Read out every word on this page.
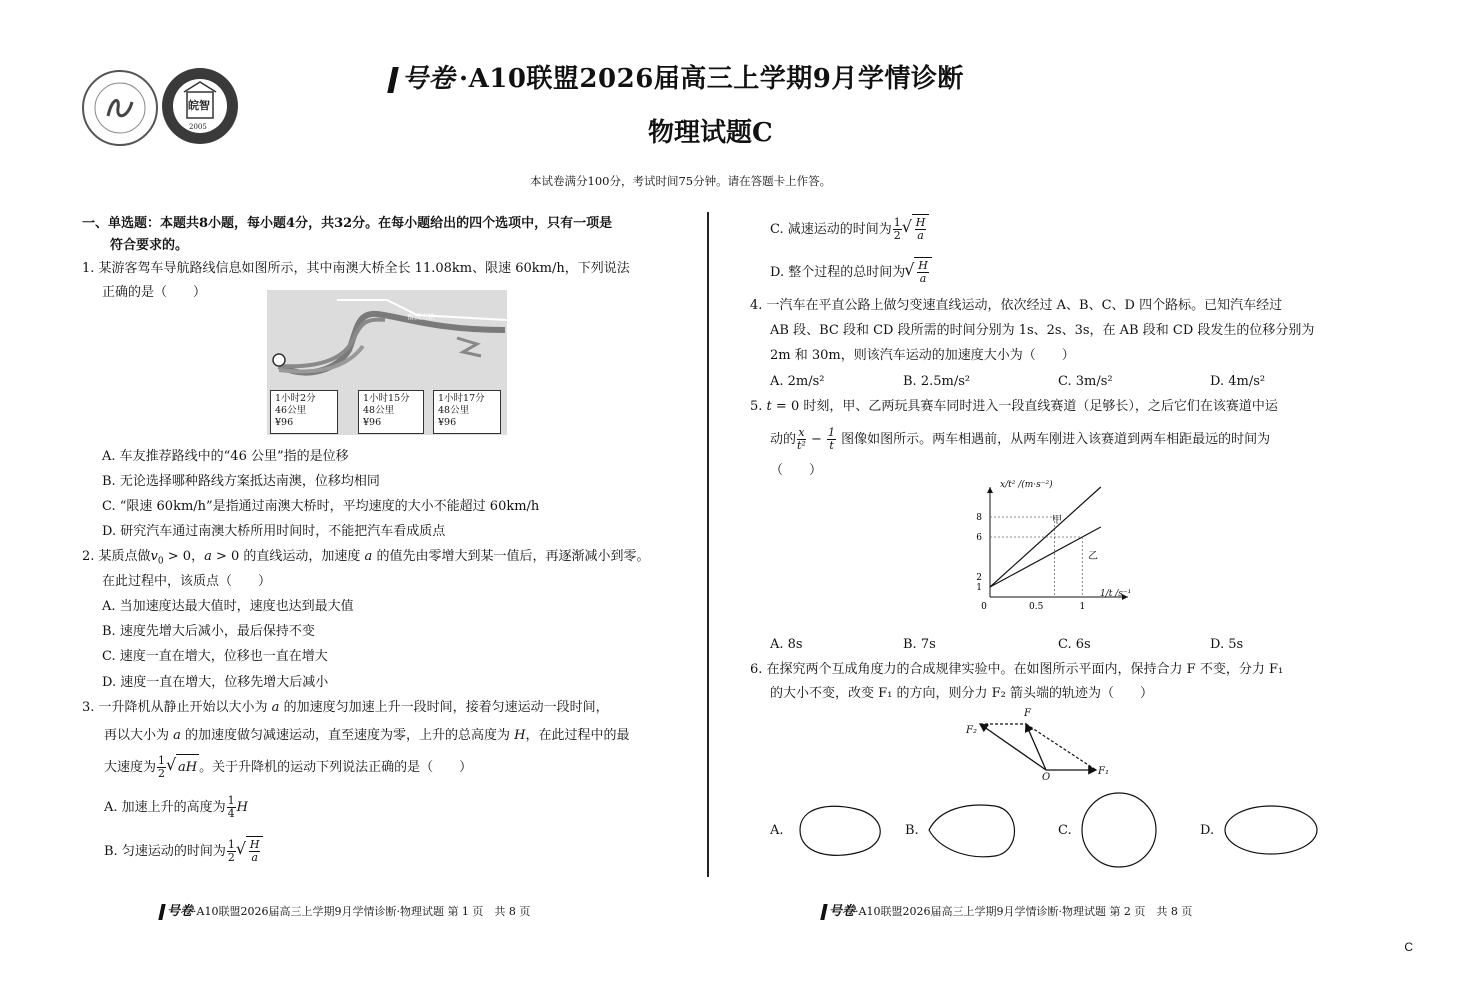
皖智
2005
号卷 ·A10联盟2026届高三上学期9月学情诊断
物理试题C
本试卷满分100分，考试时间75分钟。请在答题卡上作答。
一、单选题：本题共8小题，每小题4分，共32分。在每小题给出的四个选项中，只有一项是
符合要求的。
1. 某游客驾车导航路线信息如图所示，其中南澳大桥全长 11.08km、限速 60km/h，下列说法
正确的是（　　）
南澳大桥
1小时2分
46公里
¥96
1小时15分
48公里
¥96
1小时17分
48公里
¥96
A. 车友推荐路线中的“46 公里”指的是位移
B. 无论选择哪种路线方案抵达南澳，位移均相同
C. “限速 60km/h”是指通过南澳大桥时，平均速度的大小不能超过 60km/h
D. 研究汽车通过南澳大桥所用时间时，不能把汽车看成质点
2. 某质点做$v_0 > 0$，a > 0 的直线运动，加速度 a 的值先由零增大到某一值后，再逐渐减小到零。
在此过程中，该质点（　　）
A. 当加速度达最大值时，速度也达到最大值
B. 速度先增大后减小，最后保持不变
C. 速度一直在增大，位移也一直在增大
D. 速度一直在增大，位移先增大后减小
3. 一升降机从静止开始以大小为 a 的加速度匀加速上升一段时间，接着匀速运动一段时间，
再以大小为 a 的加速度做匀减速运动，直至速度为零，上升的总高度为 H，在此过程中的最
大速度为 $\frac{1}{2}$ √ aH 。关于升降机的运动下列说法正确的是（　　）
A. 加速上升的高度为 $\frac{1}{4}$ H
B. 匀速运动的时间为 $\frac{1}{2}$ √ $\frac{H}{a}$
C. 减速运动的时间为 $\frac{1}{2}$ √ $\frac{H}{a}$
D. 整个过程的总时间为 √ $\frac{H}{a}$
4. 一汽车在平直公路上做匀变速直线运动，依次经过 A、B、C、D 四个路标。已知汽车经过
AB 段、BC 段和 CD 段所需的时间分别为 1s、2s、3s，在 AB 段和 CD 段发生的位移分别为
2m 和 30m，则该汽车运动的加速度大小为（　　）
A. 2m/s²	B. 2.5m/s²	C. 3m/s²	D. 4m/s²
5. t = 0 时刻，甲、乙两玩具赛车同时进入一段直线赛道（足够长），之后它们在该赛道中运
动的 $\frac{x}{\text{t²}} - \frac{1}{t}$ 图像如图所示。两车相遇前，从两车刚进入该赛道到两车相距最远的时间为
（　　）
1
2
6
8
0	0.5	1
x/t² /(m·s⁻²)
1/t /s⁻¹
甲
乙
A. 8s	B. 7s	C. 6s	D. 5s
6. 在探究两个互成角度力的合成规律实验中。在如图所示平面内，保持合力 F 不变，分力 F₁
的大小不变，改变 F₁ 的方向，则分力 F₂ 箭头端的轨迹为（　　）
F
F₁
F₂
O
A.	B.	C.	D.
号卷·A10联盟2026届高三上学期9月学情诊断·物理试题 第 1 页　共 8 页	号卷·A10联盟2026届高三上学期9月学情诊断·物理试题 第 2 页　共 8 页
C
